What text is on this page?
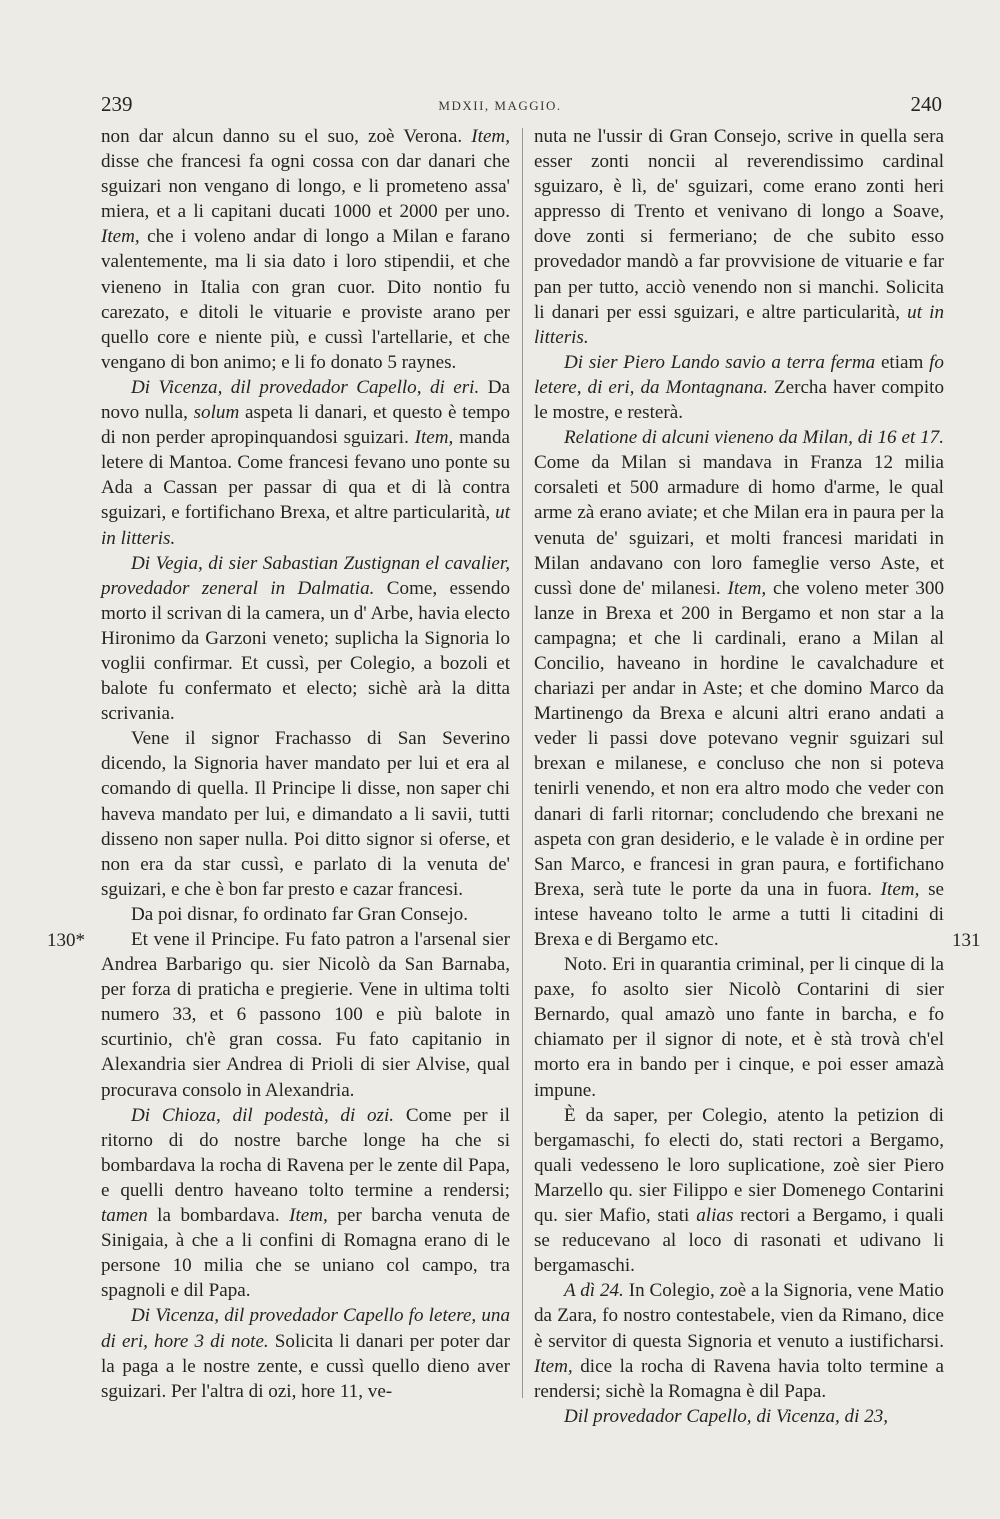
239	MDXII, MAGGIO.	240
130*	131

non dar alcun danno su el suo, zoè Verona. Item, disse che francesi fa ogni cossa con dar danari che sguizari non vengano di longo, e li prometeno assa' miera, et a li capitani ducati 1000 et 2000 per uno. Item, che i voleno andar di longo a Milan e farano valentemente, ma li sia dato i loro stipendii, et che vieneno in Italia con gran cuor. Dito nontio fu carezato, e ditoli le vituarie e proviste arano per quello core e niente più, e cussì l'artellarie, et che vengano di bon animo; e li fo donato 5 raynes.

Di Vicenza, dil provedador Capello, di eri. Da novo nulla, solum aspeta li danari, et questo è tempo di non perder apropinquandosi sguizari. Item, manda letere di Mantoa. Come francesi fevano uno ponte su Ada a Cassan per passar di qua et di là contra sguizari, e fortifichano Brexa, et altre particularità, ut in litteris.

Di Vegia, di sier Sabastian Zustignan el cavalier, provedador zeneral in Dalmatia. Come, essendo morto il scrivan di la camera, un d' Arbe, havia electo Hironimo da Garzoni veneto; suplicha la Signoria lo voglii confirmar. Et cussì, per Colegio, a bozoli et balote fu confermato et electo; sichè arà la ditta scrivania.

Vene il signor Frachasso di San Severino dicendo, la Signoria haver mandato per lui et era al comando di quella. Il Principe li disse, non saper chi haveva mandato per lui, e dimandato a li savii, tutti disseno non saper nulla. Poi ditto signor si oferse, et non era da star cussì, e parlato di la venuta de' sguizari, e che è bon far presto e cazar francesi.

Da poi disnar, fo ordinato far Gran Consejo.

Et vene il Principe. Fu fato patron a l'arsenal sier Andrea Barbarigo qu. sier Nicolò da San Barnaba, per forza di praticha e pregierie. Vene in ultima tolti numero 33, et 6 passono 100 e più balote in scurtinio, ch'è gran cossa. Fu fato capitanio in Alexandria sier Andrea di Prioli di sier Alvise, qual procurava consolo in Alexandria.

Di Chioza, dil podestà, di ozi. Come per il ritorno di do nostre barche longe ha che si bombardava la rocha di Ravena per le zente dil Papa, e quelli dentro haveano tolto termine a rendersi; tamen la bombardava. Item, per barcha venuta de Sinigaia, à che a li confini di Romagna erano di le persone 10 milia che se uniano col campo, tra spagnoli e dil Papa.

Di Vicenza, dil provedador Capello fo letere, una di eri, hore 3 di note. Solicita li danari per poter dar la paga a le nostre zente, e cussì quello dieno aver sguizari. Per l'altra di ozi, hore 11, ve-

nuta ne l'ussir di Gran Consejo, scrive in quella sera esser zonti noncii al reverendissimo cardinal sguizaro, è lì, de' sguizari, come erano zonti heri appresso di Trento et venivano di longo a Soave, dove zonti si fermeriano; de che subito esso provedador mandò a far provvisione de vituarie e far pan per tutto, acciò venendo non si manchi. Solicita li danari per essi sguizari, e altre particularità, ut in litteris.

Di sier Piero Lando savio a terra ferma etiam fo letere, di eri, da Montagnana. Zercha haver compito le mostre, e resterà.

Relatione di alcuni vieneno da Milan, di 16 et 17. Come da Milan si mandava in Franza 12 milia corsaleti et 500 armadure di homo d'arme, le qual arme zà erano aviate; et che Milan era in paura per la venuta de' sguizari, et molti francesi maridati in Milan andavano con loro fameglie verso Aste, et cussì done de' milanesi. Item, che voleno meter 300 lanze in Brexa et 200 in Bergamo et non star a la campagna; et che li cardinali, erano a Milan al Concilio, haveano in hordine le cavalchadure et chariazi per andar in Aste; et che domino Marco da Martinengo da Brexa e alcuni altri erano andati a veder li passi dove potevano vegnir sguizari sul brexan e milanese, e concluso che non si poteva tenirli venendo, et non era altro modo che veder con danari di farli ritornar; concludendo che brexani ne aspeta con gran desiderio, e le valade è in ordine per San Marco, e francesi in gran paura, e fortifichano Brexa, serà tute le porte da una in fuora. Item, se intese haveano tolto le arme a tutti li citadini di Brexa e di Bergamo etc.

Noto. Eri in quarantia criminal, per li cinque di la paxe, fo asolto sier Nicolò Contarini di sier Bernardo, qual amazò uno fante in barcha, e fo chiamato per il signor di note, et è stà trovà ch'el morto era in bando per i cinque, e poi esser amazà impune.

È da saper, per Colegio, atento la petizion di bergamaschi, fo electi do, stati rectori a Bergamo, quali vedesseno le loro suplicatione, zoè sier Piero Marzello qu. sier Filippo e sier Domenego Contarini qu. sier Mafio, stati alias rectori a Bergamo, i quali se reducevano al loco di rasonati et udivano li bergamaschi.

A dì 24. In Colegio, zoè a la Signoria, vene Matio da Zara, fo nostro contestabele, vien da Rimano, dice è servitor di questa Signoria et venuto a iustificharsi. Item, dice la rocha di Ravena havia tolto termine a rendersi; sichè la Romagna è dil Papa.

Dil provedador Capello, di Vicenza, di 23,
